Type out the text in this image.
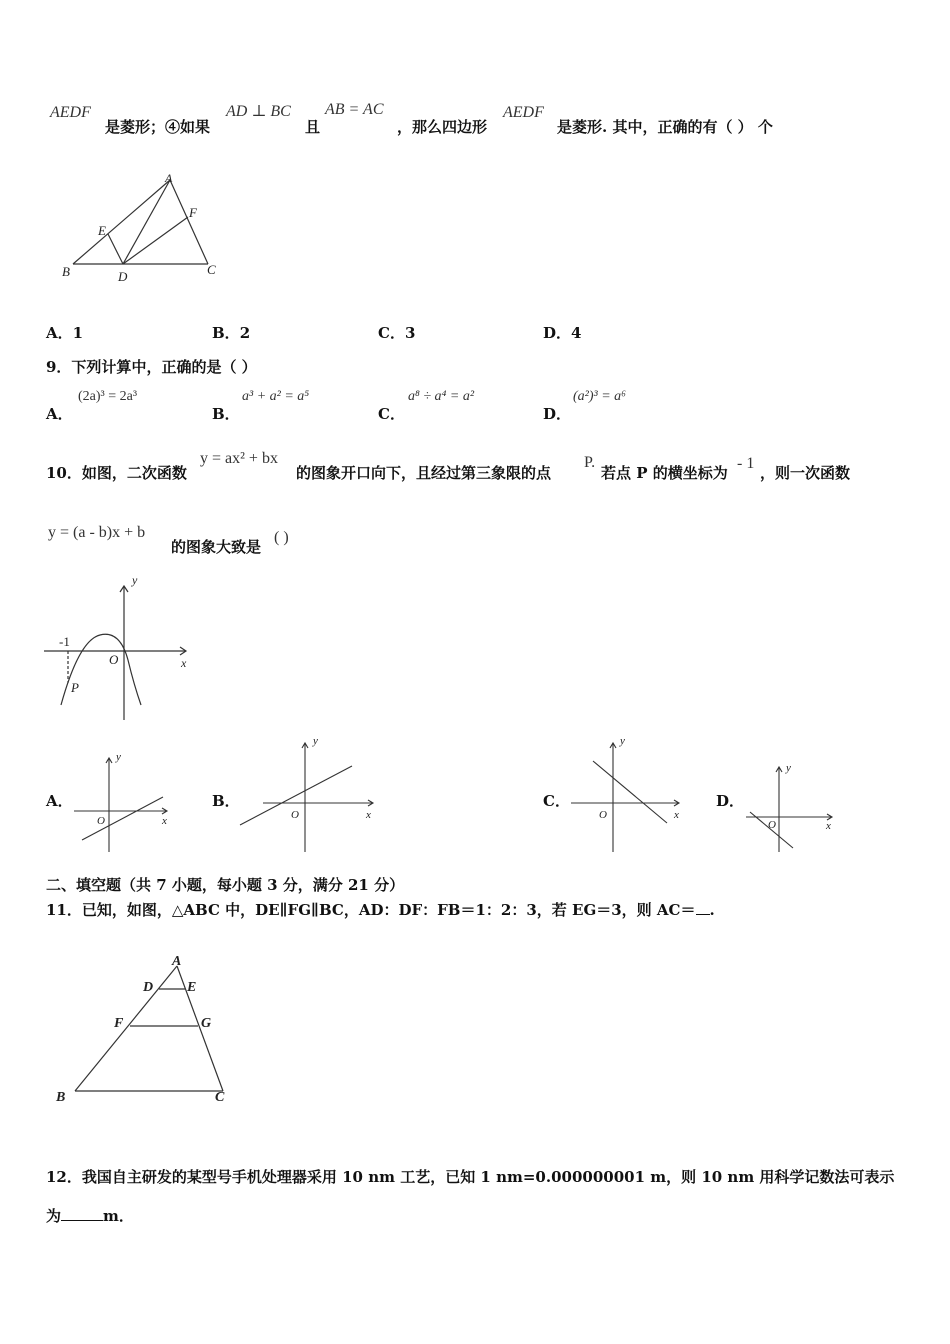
AEDF
是菱形；④如果
AD ⊥ BC
且
AB = AC
，那么四边形
AEDF
是菱形. 其中，正确的有（ ） 个
A
B	C
D
E
F
A．1	B．2	C．3	D．4
9．下列计算中，正确的是（ ）
A．
(2a)³ = 2a³
B．
a³ + a² = a⁵
C．
a⁸ ÷ a⁴ = a²
D．
(a²)³ = a⁶
10．如图，二次函数
y = ax² + bx
的图象开口向下，且经过第三象限的点
P.
若点 P 的横坐标为
- 1
，则一次函数
y = (a - b)x + b
的图象大致是
( )
y
x
O
P
-1
A．
y
x
O
B．
y
x
O
C．
y
x
O
D．
y
x
O
二、填空题（共 7 小题，每小题 3 分，满分 21 分）
11．已知，如图，△ABC 中，DE∥FG∥BC，AD：DF：FB＝1：2：3，若 EG＝3，则 AC＝ .
A
B	C
D E
F	G
12．我国自主研发的某型号手机处理器采用 10 nm 工艺，已知 1 nm=0.000000001 m，则 10 nm 用科学记数法可表示
为	m．
